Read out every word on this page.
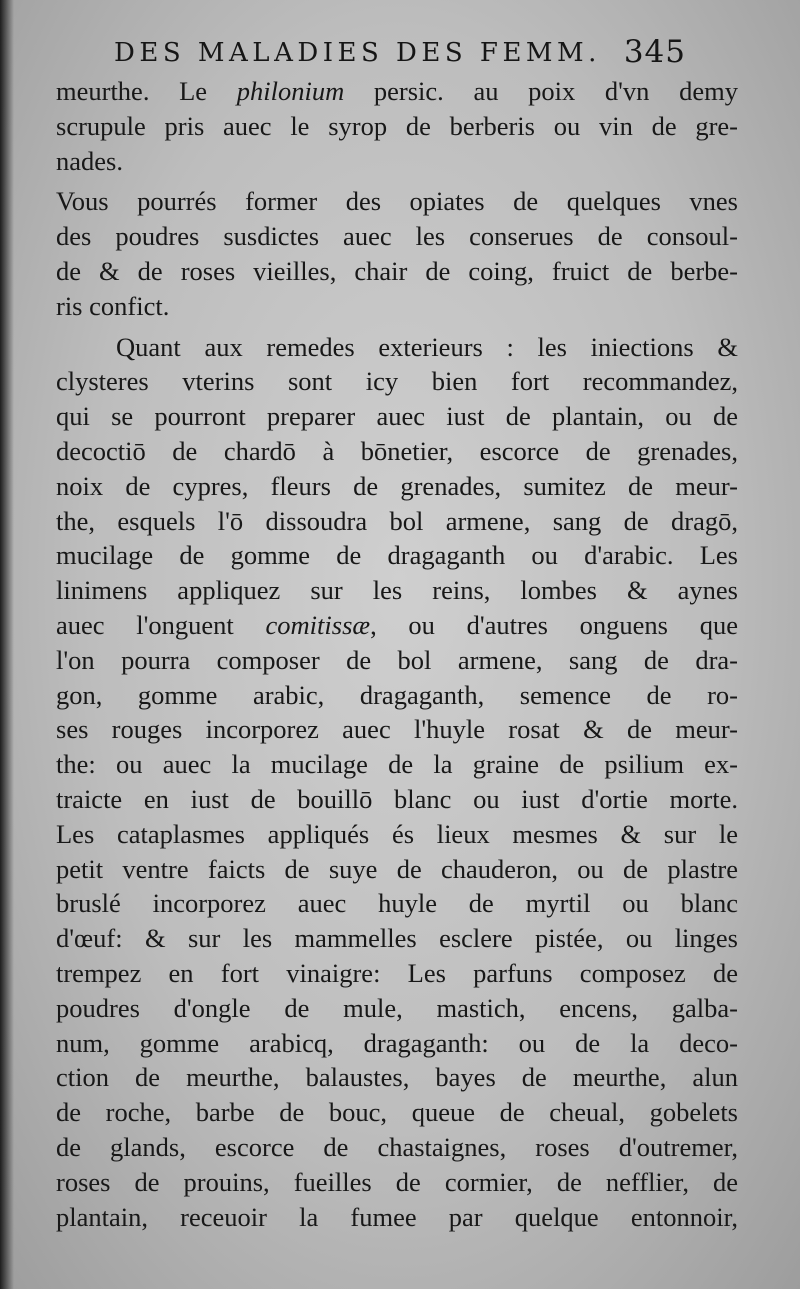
DES MALADIES DES FEMM. 345
meurthe. Le philonium persic. au poix d'vn demy
scrupule pris auec le syrop de berberis ou vin de gre-
nades.
Vous pourrés former des opiates de quelques vnes
des poudres susdictes auec les conserues de consoul-
de & de roses vieilles, chair de coing, fruict de berbe-
ris confict.
Quant aux remedes exterieurs : les iniections &
clysteres vterins sont icy bien fort recommandez,
qui se pourront preparer auec iust de plantain, ou de
decoctiō de chardō à bōnetier, escorce de grenades,
noix de cypres, fleurs de grenades, sumitez de meur-
the, esquels l'ō dissoudra bol armene, sang de dragō,
mucilage de gomme de dragaganth ou d'arabic. Les
linimens appliquez sur les reins, lombes & aynes
auec l'onguent comitissæ, ou d'autres onguens que
l'on pourra composer de bol armene, sang de dra-
gon, gomme arabic, dragaganth, semence de ro-
ses rouges incorporez auec l'huyle rosat & de meur-
the: ou auec la mucilage de la graine de psilium ex-
traicte en iust de bouillō blanc ou iust d'ortie morte.
Les cataplasmes appliqués és lieux mesmes & sur le
petit ventre faicts de suye de chauderon, ou de plastre
bruslé incorporez auec huyle de myrtil ou blanc
d'œuf: & sur les mammelles esclere pistée, ou linges
trempez en fort vinaigre: Les parfuns composez de
poudres d'ongle de mule, mastich, encens, galba-
num, gomme arabicq, dragaganth: ou de la deco-
ction de meurthe, balaustes, bayes de meurthe, alun
de roche, barbe de bouc, queue de cheual, gobelets
de glands, escorce de chastaignes, roses d'outremer,
roses de prouins, fueilles de cormier, de nefflier, de
plantain, receuoir la fumee par quelque entonnoir,
